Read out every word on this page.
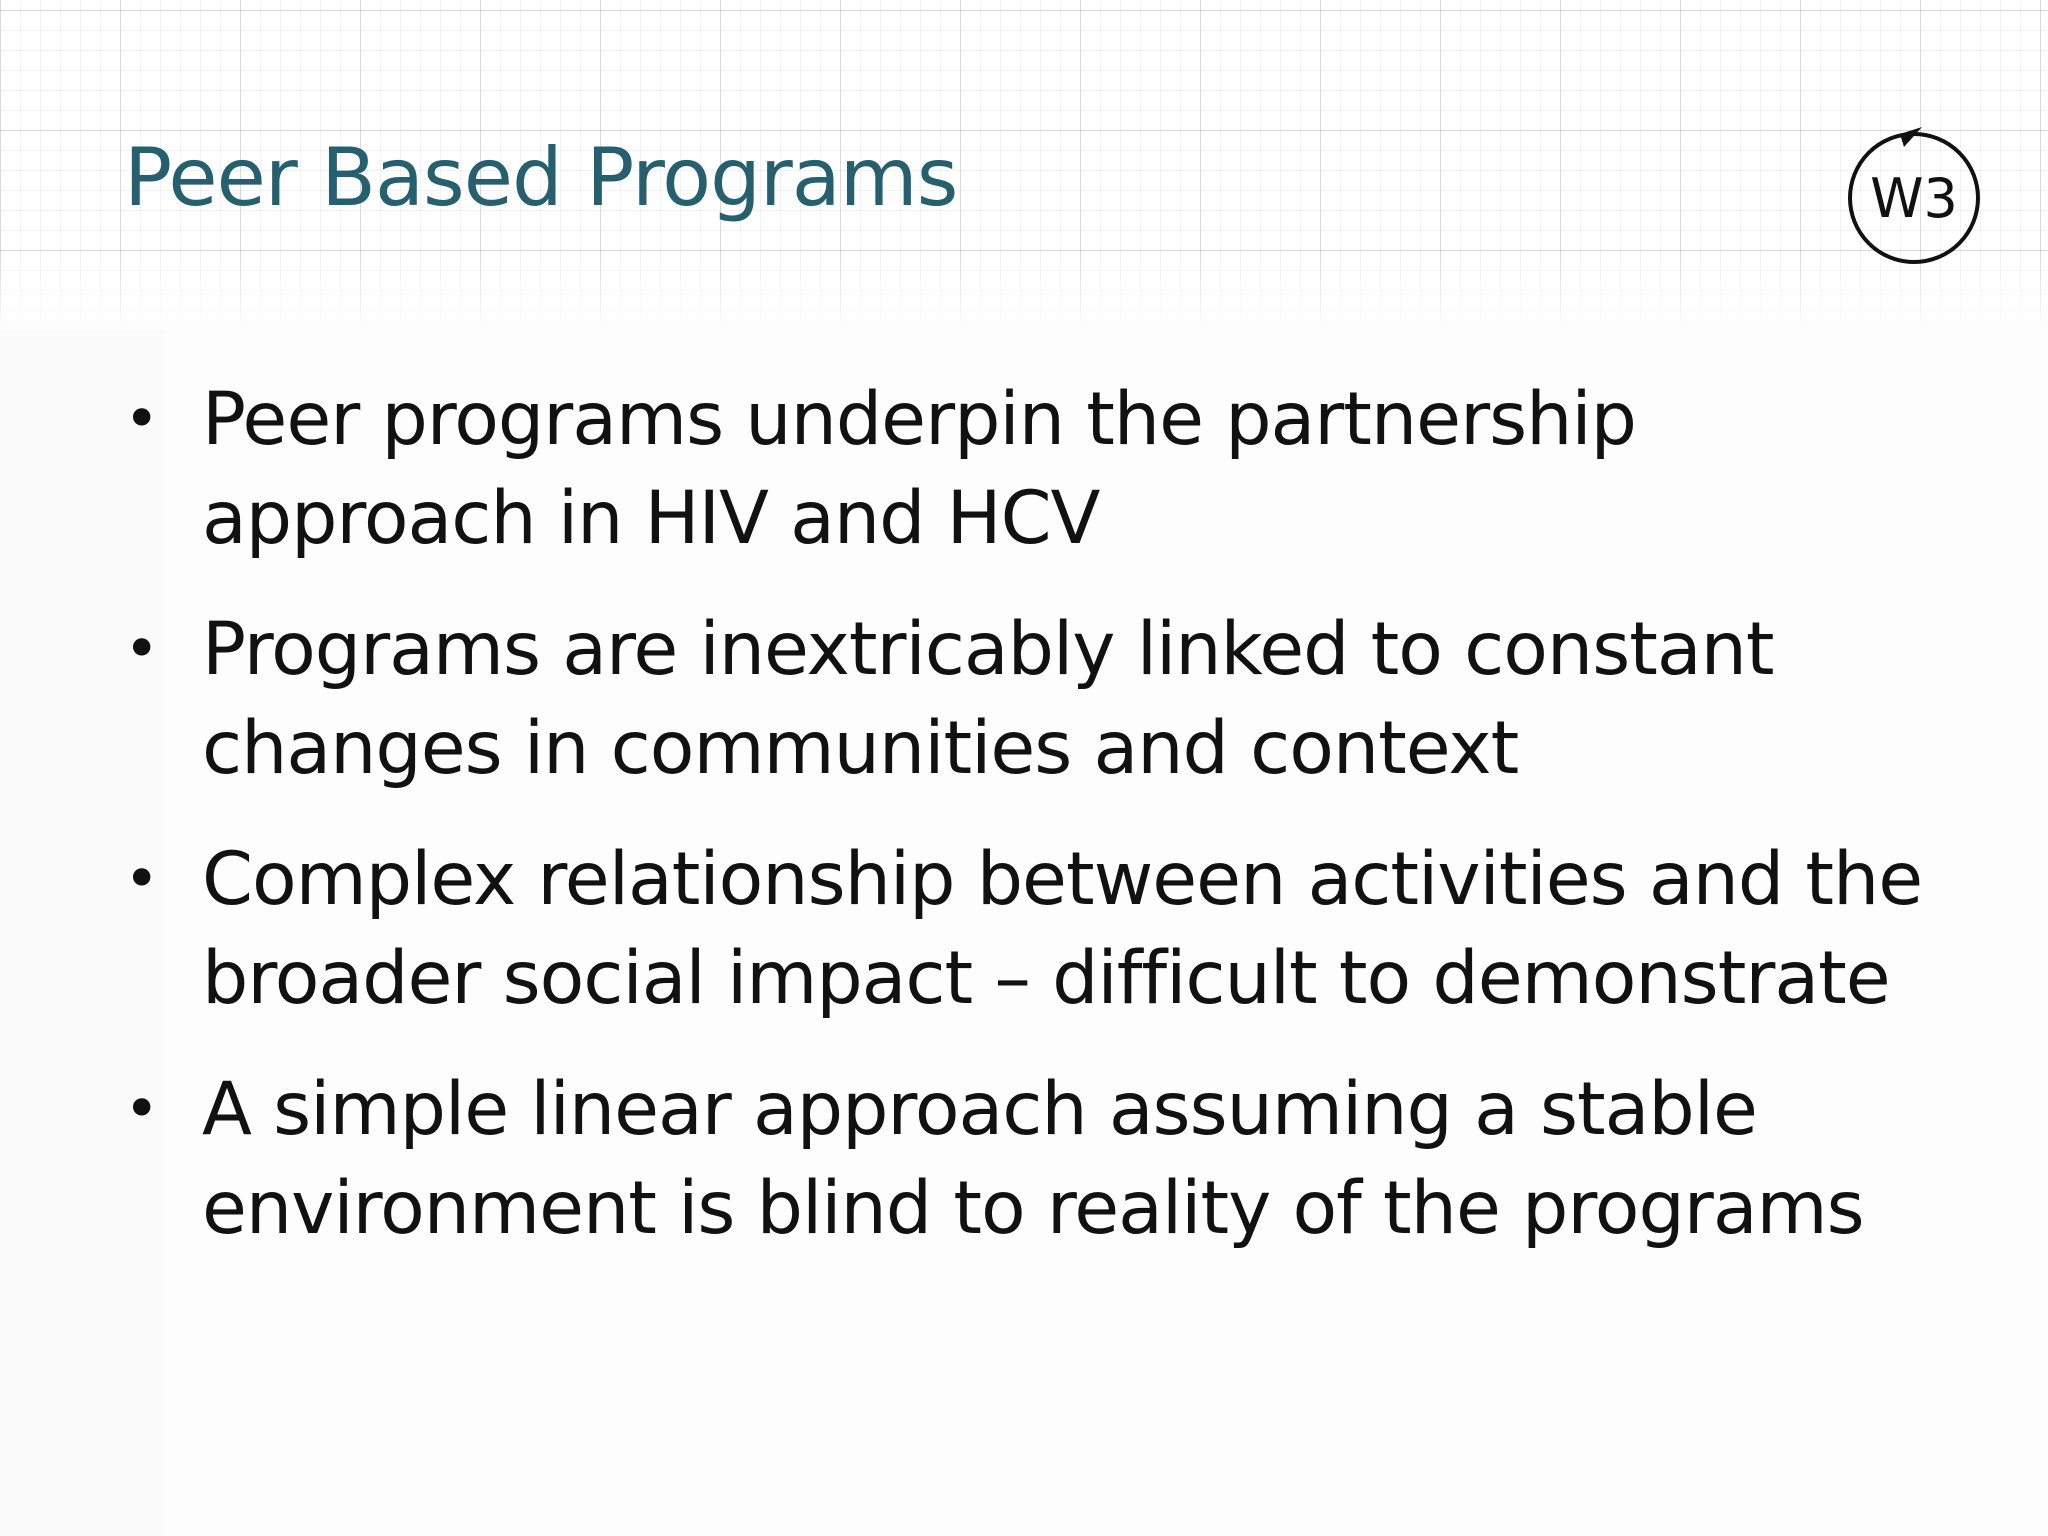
Peer Based Programs	W3
• Peer programs underpin the partnership approach in HIV and HCV
• Programs are inextricably linked to constant changes in communities and context
• Complex relationship between activities and the broader social impact – difficult to demonstrate
• A simple linear approach assuming a stable environment is blind to reality of the programs
